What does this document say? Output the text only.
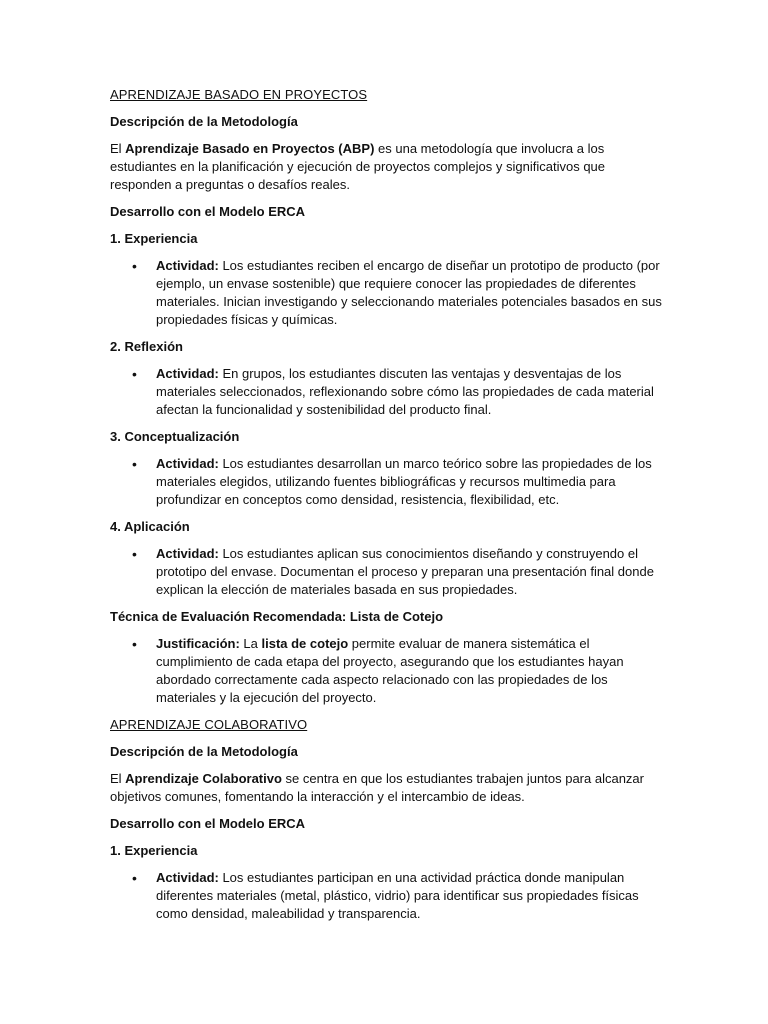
APRENDIZAJE BASADO EN PROYECTOS
Descripción de la Metodología
El Aprendizaje Basado en Proyectos (ABP) es una metodología que involucra a los estudiantes en la planificación y ejecución de proyectos complejos y significativos que responden a preguntas o desafíos reales.
Desarrollo con el Modelo ERCA
1. Experiencia
• Actividad: Los estudiantes reciben el encargo de diseñar un prototipo de producto (por ejemplo, un envase sostenible) que requiere conocer las propiedades de diferentes materiales. Inician investigando y seleccionando materiales potenciales basados en sus propiedades físicas y químicas.
2. Reflexión
• Actividad: En grupos, los estudiantes discuten las ventajas y desventajas de los materiales seleccionados, reflexionando sobre cómo las propiedades de cada material afectan la funcionalidad y sostenibilidad del producto final.
3. Conceptualización
• Actividad: Los estudiantes desarrollan un marco teórico sobre las propiedades de los materiales elegidos, utilizando fuentes bibliográficas y recursos multimedia para profundizar en conceptos como densidad, resistencia, flexibilidad, etc.
4. Aplicación
• Actividad: Los estudiantes aplican sus conocimientos diseñando y construyendo el prototipo del envase. Documentan el proceso y preparan una presentación final donde explican la elección de materiales basada en sus propiedades.
Técnica de Evaluación Recomendada: Lista de Cotejo
• Justificación: La lista de cotejo permite evaluar de manera sistemática el cumplimiento de cada etapa del proyecto, asegurando que los estudiantes hayan abordado correctamente cada aspecto relacionado con las propiedades de los materiales y la ejecución del proyecto.
APRENDIZAJE COLABORATIVO
Descripción de la Metodología
El Aprendizaje Colaborativo se centra en que los estudiantes trabajen juntos para alcanzar objetivos comunes, fomentando la interacción y el intercambio de ideas.
Desarrollo con el Modelo ERCA
1. Experiencia
• Actividad: Los estudiantes participan en una actividad práctica donde manipulan diferentes materiales (metal, plástico, vidrio) para identificar sus propiedades físicas como densidad, maleabilidad y transparencia.
